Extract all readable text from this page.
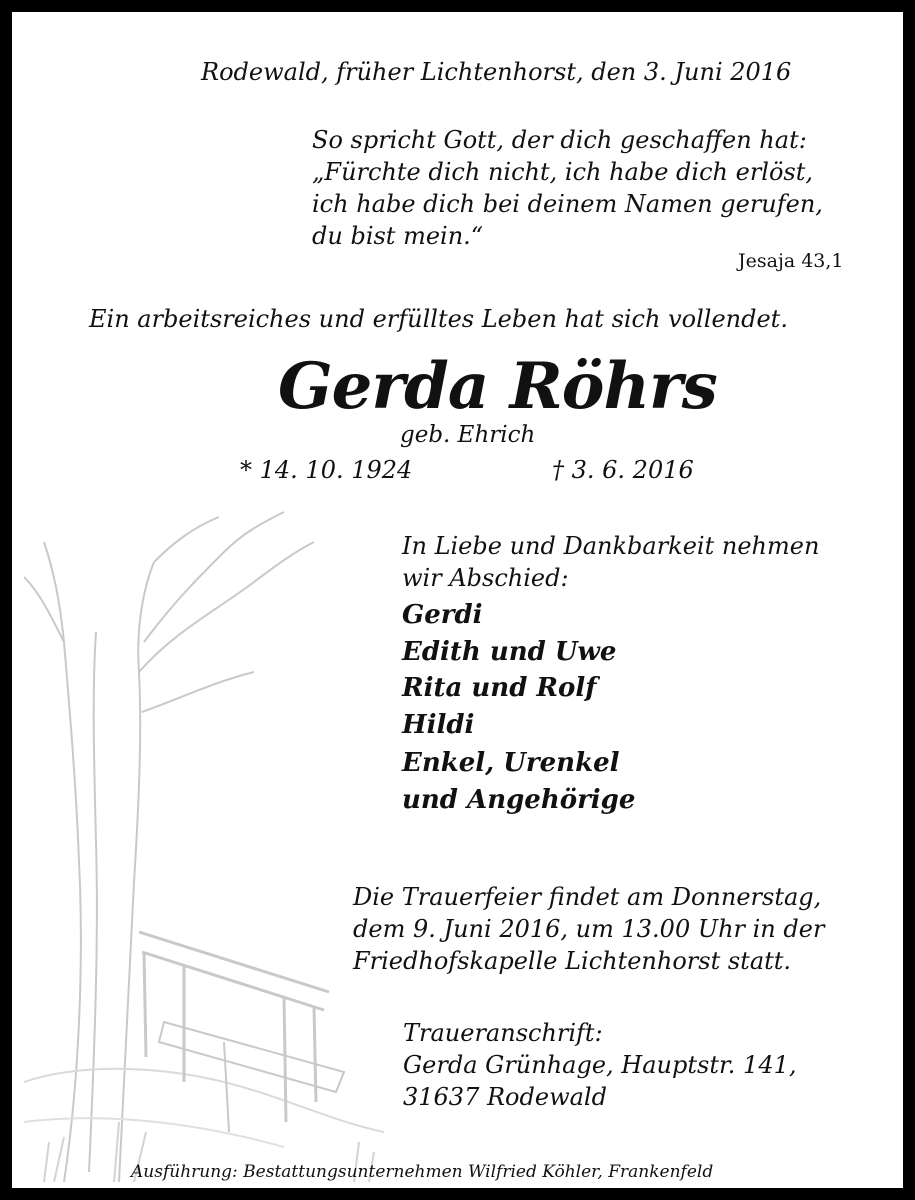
Rodewald, früher Lichtenhorst, den 3. Juni 2016
So spricht Gott, der dich geschaffen hat:
„Fürchte dich nicht, ich habe dich erlöst,
ich habe dich bei deinem Namen gerufen,
du bist mein.“
Jesaja 43,1
Ein arbeitsreiches und erfülltes Leben hat sich vollendet.
Gerda Röhrs
geb. Ehrich
* 14. 10. 1924	† 3. 6. 2016
In Liebe und Dankbarkeit nehmen
wir Abschied:
Gerdi
Edith und Uwe
Rita und Rolf
Hildi
Enkel, Urenkel
und Angehörige
Die Trauerfeier findet am Donnerstag,
dem 9. Juni 2016, um 13.00 Uhr in der
Friedhofskapelle Lichtenhorst statt.
Traueranschrift:
Gerda Grünhage, Hauptstr. 141,
31637 Rodewald
Ausführung: Bestattungsunternehmen Wilfried Köhler, Frankenfeld
